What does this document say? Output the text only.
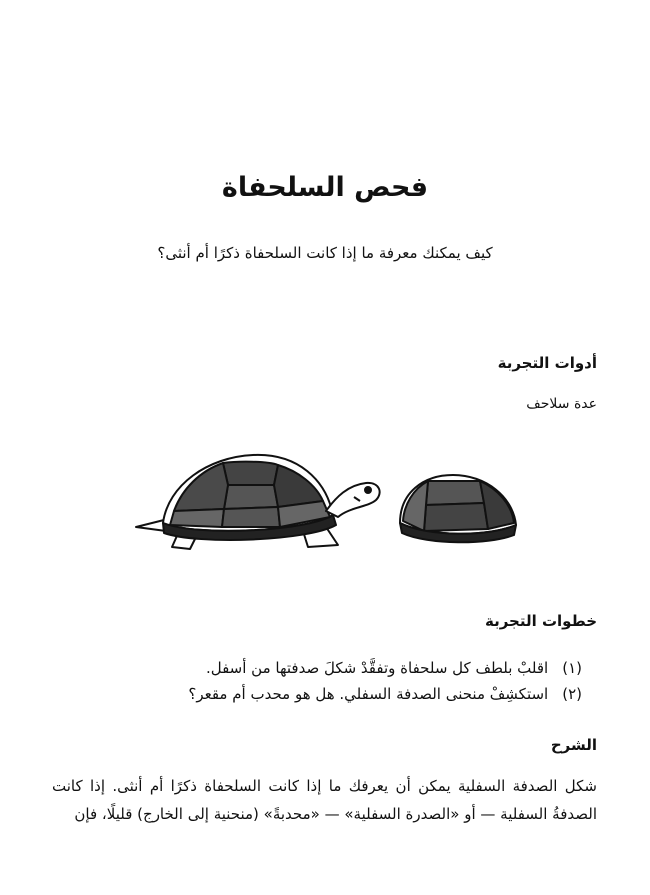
فحص السلحفاة

كيف يمكنك معرفة ما إذا كانت السلحفاة ذكرًا أم أنثى؟

أدوات التجربة

عدة سلاحف

خطوات التجربة
(١)اقلبْ بلطف كل سلحفاة وتفقَّدْ شكلَ صدفتها من أسفل.
(٢)استكشِفْ منحنى الصدفة السفلي. هل هو محدب أم مقعر؟
الشرح

شكل الصدفة السفلية يمكن أن يعرفك ما إذا كانت السلحفاة ذكرًا أم أنثى. إذا كانت الصدفةُ السفلية — أو «الصدرة السفلية» — «محدبةً» (منحنية إلى الخارج) قليلًا، فإن
